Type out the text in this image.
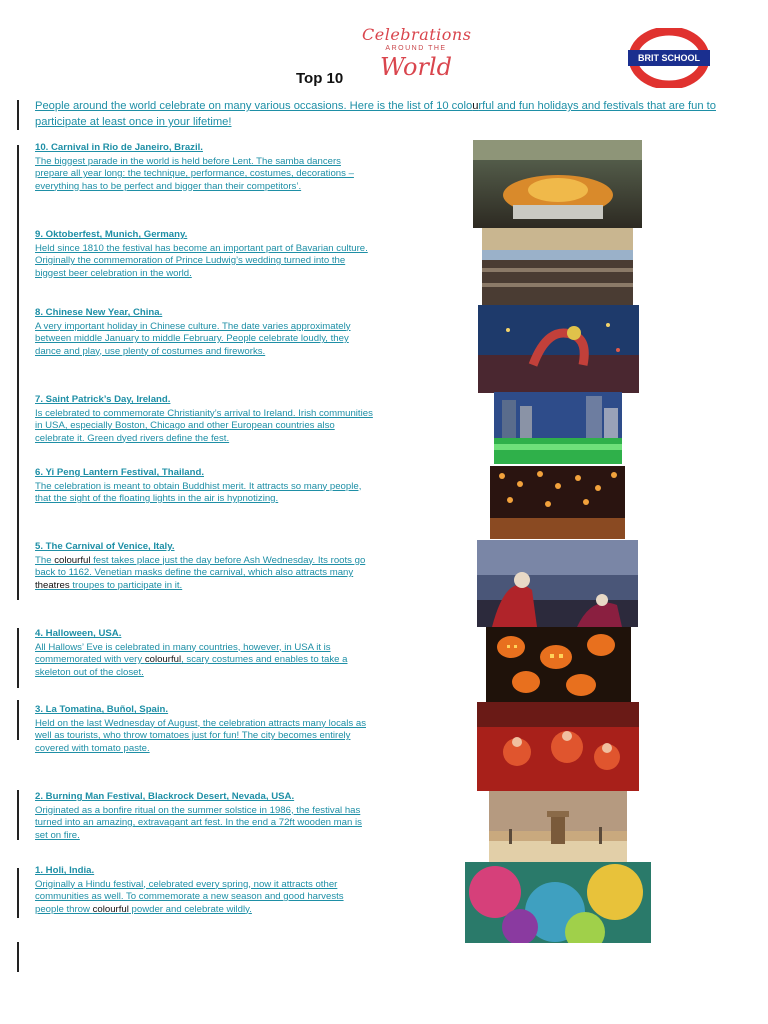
Top 10
Celebrations
AROUND THE
World	BRIT SCHOOL
People around the world celebrate on many various occasions. Here is the list of 10 colourful and fun holidays and festivals that are fun to participate at least once in your lifetime!
10. Carnival in Rio de Janeiro, Brazil.
The biggest parade in the world is held before Lent. The samba dancers prepare all year long: the technique, performance, costumes, decorations – everything has to be perfect and bigger than their competitors’.
9. Oktoberfest, Munich, Germany.
Held since 1810 the festival has become an important part of Bavarian culture. Originally the commemoration of Prince Ludwig’s wedding turned into the biggest beer celebration in the world.
8. Chinese New Year, China.
A very important holiday in Chinese culture. The date varies approximately between middle January to middle February. People celebrate loudly, they dance and play, use plenty of costumes and fireworks.
7. Saint Patrick’s Day, Ireland.
Is celebrated to commemorate Christianity’s arrival to Ireland. Irish communities in USA, especially Boston, Chicago and other European countries also celebrate it. Green dyed rivers define the fest.
6. Yi Peng Lantern Festival, Thailand.
The celebration is meant to obtain Buddhist merit. It attracts so many people, that the sight of the floating lights in the air is hypnotizing.
5. The Carnival of Venice, Italy.
The colourful fest takes place just the day before Ash Wednesday. Its roots go back to 1162. Venetian masks define the carnival, which also attracts many theatres troupes to participate in it.
4. Halloween, USA.
All Hallows’ Eve is celebrated in many countries, however, in USA it is commemorated with very colourful, scary costumes and enables to take a skeleton out of the closet.
3. La Tomatina, Buñol, Spain.
Held on the last Wednesday of August, the celebration attracts many locals as well as tourists, who throw tomatoes just for fun! The city becomes entirely covered with tomato paste.
2. Burning Man Festival, Blackrock Desert, Nevada, USA.
Originated as a bonfire ritual on the summer solstice in 1986, the festival has turned into an amazing, extravagant art fest. In the end a 72ft wooden man is set on fire.
1. Holi, India.
Originally a Hindu festival, celebrated every spring, now it attracts other communities as well. To commemorate a new season and good harvests people throw colourful powder and celebrate wildly.
